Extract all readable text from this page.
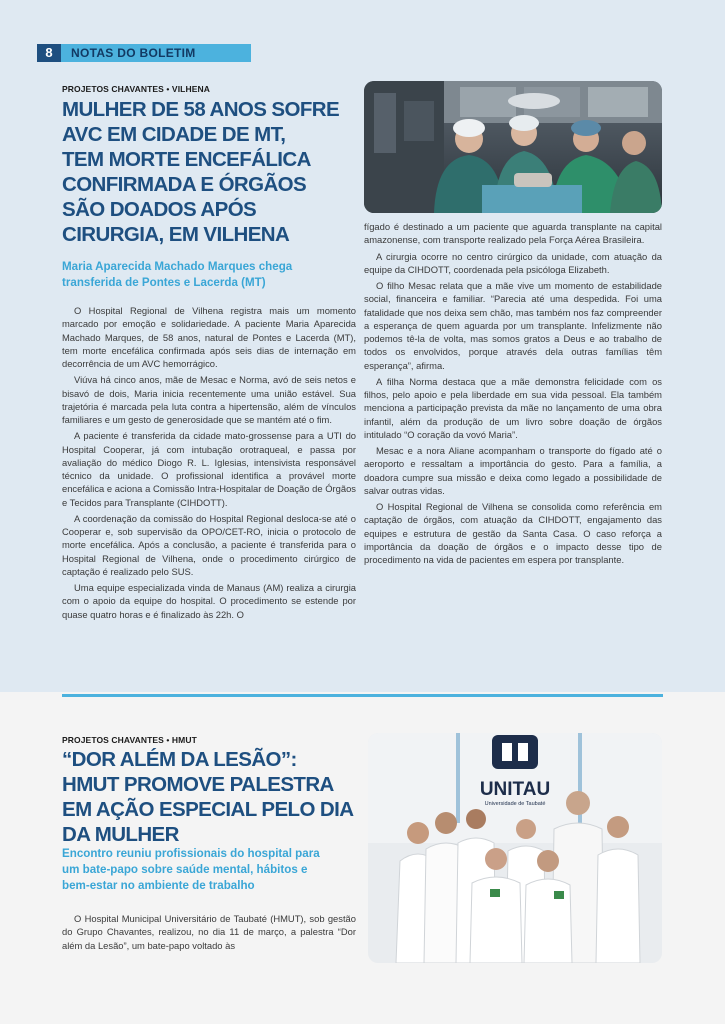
8	NOTAS DO BOLETIM
PROJETOS CHAVANTES • VILHENA
MULHER DE 58 ANOS SOFRE
AVC EM CIDADE DE MT,
TEM MORTE ENCEFÁLICA
CONFIRMADA E ÓRGÃOS
SÃO DOADOS APÓS
CIRURGIA, EM VILHENA
Maria Aparecida Machado Marques chega
transferida de Pontes e Lacerda (MT)

O Hospital Regional de Vilhena registra mais um momento marcado por emoção e solidariedade. A paciente Maria Aparecida Machado Marques, de 58 anos, natural de Pontes e Lacerda (MT), tem morte encefálica confirmada após seis dias de internação em decorrência de um AVC hemorrágico.

Viúva há cinco anos, mãe de Mesac e Norma, avó de seis netos e bisavó de dois, Maria inicia recentemente uma união estável. Sua trajetória é marcada pela luta contra a hipertensão, além de vínculos familiares e um gesto de generosidade que se mantém até o fim.

A paciente é transferida da cidade mato-grossense para a UTI do Hospital Cooperar, já com intubação orotraqueal, e passa por avaliação do médico Diogo R. L. Iglesias, intensivista responsável técnico da unidade. O profissional identifica a provável morte encefálica e aciona a Comissão Intra-Hospitalar de Doação de Órgãos e Tecidos para Transplante (CIHDOTT).

A coordenação da comissão do Hospital Regional desloca-se até o Cooperar e, sob supervisão da OPO/CET-RO, inicia o protocolo de morte encefálica. Após a conclusão, a paciente é transferida para o Hospital Regional de Vilhena, onde o procedimento cirúrgico de captação é realizado pelo SUS.

Uma equipe especializada vinda de Manaus (AM) realiza a cirurgia com o apoio da equipe do hospital. O procedimento se estende por quase quatro horas e é finalizado às 22h. O

fígado é destinado a um paciente que aguarda transplante na capital amazonense, com transporte realizado pela Força Aérea Brasileira.

A cirurgia ocorre no centro cirúrgico da unidade, com atuação da equipe da CIHDOTT, coordenada pela psicóloga Elizabeth.

O filho Mesac relata que a mãe vive um momento de estabilidade social, financeira e familiar. “Parecia até uma despedida. Foi uma fatalidade que nos deixa sem chão, mas também nos faz compreender a esperança de quem aguarda por um transplante. Infelizmente não podemos tê-la de volta, mas somos gratos a Deus e ao trabalho de todos os envolvidos, porque através dela outras famílias têm esperança”, afirma.

A filha Norma destaca que a mãe demonstra felicidade com os filhos, pelo apoio e pela liberdade em sua vida pessoal. Ela também menciona a participação prevista da mãe no lançamento de uma obra infantil, além da produção de um livro sobre doação de órgãos intitulado “O coração da vovó Maria”.

Mesac e a nora Aliane acompanham o transporte do fígado até o aeroporto e ressaltam a importância do gesto. Para a família, a doadora cumpre sua missão e deixa como legado a possibilidade de salvar outras vidas.

O Hospital Regional de Vilhena se consolida como referência em captação de órgãos, com atuação da CIHDOTT, engajamento das equipes e estrutura de gestão da Santa Casa. O caso reforça a importância da doação de órgãos e o impacto desse tipo de procedimento na vida de pacientes em espera por transplante.

PROJETOS CHAVANTES • HMUT
“DOR ALÉM DA LESÃO”:
HMUT PROMOVE PALESTRA
EM AÇÃO ESPECIAL PELO DIA
DA MULHER
Encontro reuniu profissionais do hospital para
um bate-papo sobre saúde mental, hábitos e
bem-estar no ambiente de trabalho

O Hospital Municipal Universitário de Taubaté (HMUT), sob gestão do Grupo Chavantes, realizou, no dia 11 de março, a palestra “Dor além da Lesão”, um bate-papo voltado às

UNITAU
Universidade de Taubaté
